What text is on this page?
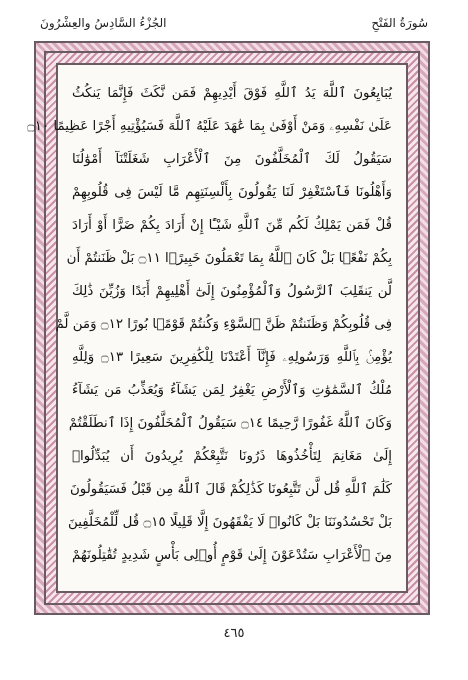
الجُزْءُ السَّادِسُ والعِشْرُونَ	سُورَةُ الفَتْحِ
يُبَايِعُونَ ٱللَّهَ يَدُ ٱللَّهِ فَوْقَ أَيْدِيهِمْ فَمَن نَّكَثَ فَإِنَّمَا يَنكُثُ
عَلَىٰ نَفْسِهِۦ وَمَنْ أَوْفَىٰ بِمَا عَٰهَدَ عَلَيْهُ ٱللَّهَ فَسَيُؤْتِيهِ أَجْرًا عَظِيمًا ۝١٠
سَيَقُولُ لَكَ ٱلْمُخَلَّفُونَ مِنَ ٱلْأَعْرَابِ شَغَلَتْنَآ أَمْوَٰلُنَا
وَأَهْلُونَا فَٱسْتَغْفِرْ لَنَا يَقُولُونَ بِأَلْسِنَتِهِم مَّا لَيْسَ فِى قُلُوبِهِمْ
قُلْ فَمَن يَمْلِكُ لَكُم مِّنَ ٱللَّهِ شَيْـًٔا إِنْ أَرَادَ بِكُمْ ضَرًّا أَوْ أَرَادَ
بِكُمْ نَفْعًۢا بَلْ كَانَ ٱللَّهُ بِمَا تَعْمَلُونَ خَبِيرًۢا ۝١١ بَلْ ظَنَنتُمْ أَن
لَّن يَنقَلِبَ ٱلرَّسُولُ وَٱلْمُؤْمِنُونَ إِلَىٰٓ أَهْلِيهِمْ أَبَدًا وَزُيِّنَ ذَٰلِكَ
فِى قُلُوبِكُمْ وَظَنَنتُمْ ظَنَّ ٱلسَّوْءِ وَكُنتُمْ قَوْمًۢا بُورًا ۝١٢ وَمَن لَّمْ
يُؤْمِنۢ بِٱللَّهِ وَرَسُولِهِۦ فَإِنَّآ أَعْتَدْنَا لِلْكَٰفِرِينَ سَعِيرًا ۝١٣ وَلِلَّهِ
مُلْكُ ٱلسَّمَٰوَٰتِ وَٱلْأَرْضِ يَغْفِرُ لِمَن يَشَآءُ وَيُعَذِّبُ مَن يَشَآءُ
وَكَانَ ٱللَّهُ غَفُورًا رَّحِيمًا ۝١٤ سَيَقُولُ ٱلْمُخَلَّفُونَ إِذَا ٱنطَلَقْتُمْ
إِلَىٰ مَغَانِمَ لِتَأْخُذُوهَا ذَرُونَا نَتَّبِعْكُمْ يُرِيدُونَ أَن يُبَدِّلُوا۟
كَلَٰمَ ٱللَّهِ قُل لَّن تَتَّبِعُونَا كَذَٰلِكُمْ قَالَ ٱللَّهُ مِن قَبْلُ فَسَيَقُولُونَ
بَلْ تَحْسُدُونَنَا بَلْ كَانُوا۟ لَا يَفْقَهُونَ إِلَّا قَلِيلًا ۝١٥ قُل لِّلْمُخَلَّفِينَ
مِنَ ٱلْأَعْرَابِ سَتُدْعَوْنَ إِلَىٰ قَوْمٍ أُو۟لِى بَأْسٍ شَدِيدٍ تُقَٰتِلُونَهُمْ
٤٦٥
